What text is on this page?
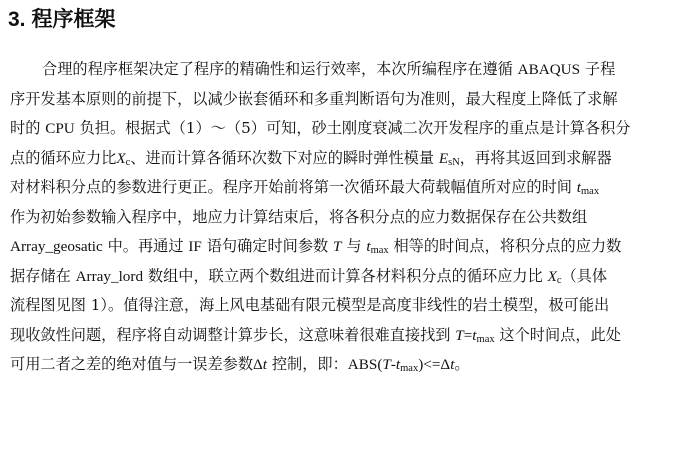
3. 程序框架
合理的程序框架决定了程序的精确性和运行效率，本次所编程序在遵循 ABAQUS 子程
序开发基本原则的前提下，以减少嵌套循环和多重判断语句为准则，最大程度上降低了求解
时的 CPU 负担。根据式（1）～（5）可知，砂土刚度衰减二次开发程序的重点是计算各积分
点的循环应力比Xc、进而计算各循环次数下对应的瞬时弹性模量 EsN，再将其返回到求解器
对材料积分点的参数进行更正。程序开始前将第一次循环最大荷载幅值所对应的时间 tmax
作为初始参数输入程序中，地应力计算结束后，将各积分点的应力数据保存在公共数组
Array_geosatic 中。再通过 IF 语句确定时间参数 T 与 tmax 相等的时间点，将积分点的应力数
据存储在 Array_lord 数组中，联立两个数组进而计算各材料积分点的循环应力比 Xc（具体
流程图见图 1）。值得注意，海上风电基础有限元模型是高度非线性的岩土模型，极可能出
现收敛性问题，程序将自动调整计算步长，这意味着很难直接找到 T=tmax 这个时间点，此处
可用二者之差的绝对值与一误差参数Δt 控制，即：ABS(T-tmax)<=Δt。
